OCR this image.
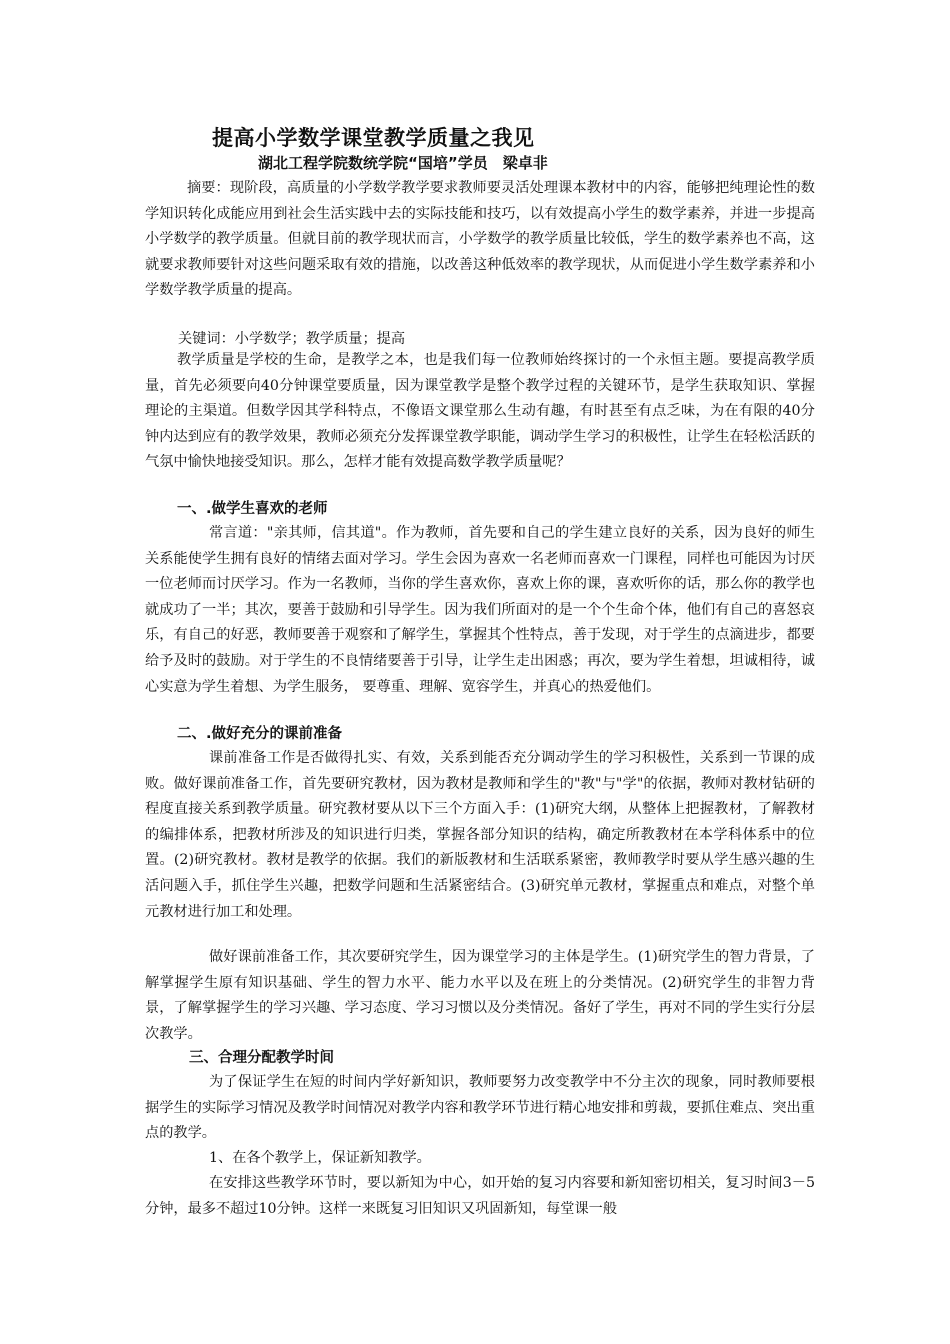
提高小学数学课堂教学质量之我见
湖北工程学院数统学院“国培”学员　梁卓非

摘要：现阶段，高质量的小学数学教学要求教师要灵活处理课本教材中的内容，能够把纯理论性的数学知识转化成能应用到社会生活实践中去的实际技能和技巧，以有效提高小学生的数学素养，并进一步提高小学数学的教学质量。但就目前的教学现状而言，小学数学的教学质量比较低，学生的数学素养也不高，这就要求教师要针对这些问题采取有效的措施，以改善这种低效率的教学现状，从而促进小学生数学素养和小学数学教学质量的提高。

关键词：小学数学；教学质量；提高

教学质量是学校的生命，是教学之本，也是我们每一位教师始终探讨的一个永恒主题。要提高教学质量，首先必须要向40分钟课堂要质量，因为课堂教学是整个教学过程的关键环节，是学生获取知识、掌握理论的主渠道。但数学因其学科特点，不像语文课堂那么生动有趣，有时甚至有点乏味，为在有限的40分钟内达到应有的教学效果，教师必须充分发挥课堂教学职能，调动学生学习的积极性，让学生在轻松活跃的气氛中愉快地接受知识。那么，怎样才能有效提高数学教学质量呢？

一、.做学生喜欢的老师

常言道："亲其师，信其道"。作为教师，首先要和自己的学生建立良好的关系，因为良好的师生关系能使学生拥有良好的情绪去面对学习。学生会因为喜欢一名老师而喜欢一门课程，同样也可能因为讨厌一位老师而讨厌学习。作为一名教师，当你的学生喜欢你，喜欢上你的课，喜欢听你的话，那么你的教学也就成功了一半；其次，要善于鼓励和引导学生。因为我们所面对的是一个个生命个体，他们有自己的喜怒哀乐，有自己的好恶，教师要善于观察和了解学生，掌握其个性特点，善于发现，对于学生的点滴进步，都要给予及时的鼓励。对于学生的不良情绪要善于引导，让学生走出困惑；再次，要为学生着想，坦诚相待，诚心实意为学生着想、为学生服务， 要尊重、理解、宽容学生，并真心的热爱他们。

二、.做好充分的课前准备

课前准备工作是否做得扎实、有效，关系到能否充分调动学生的学习积极性，关系到一节课的成败。做好课前准备工作，首先要研究教材，因为教材是教师和学生的"教"与"学"的依据，教师对教材钻研的程度直接关系到教学质量。研究教材要从以下三个方面入手：(1)研究大纲，从整体上把握教材，了解教材的编排体系，把教材所涉及的知识进行归类，掌握各部分知识的结构，确定所教教材在本学科体系中的位置。(2)研究教材。教材是教学的依据。我们的新版教材和生活联系紧密，教师教学时要从学生感兴趣的生活问题入手，抓住学生兴趣，把数学问题和生活紧密结合。(3)研究单元教材，掌握重点和难点，对整个单元教材进行加工和处理。

做好课前准备工作，其次要研究学生，因为课堂学习的主体是学生。(1)研究学生的智力背景，了解掌握学生原有知识基础、学生的智力水平、能力水平以及在班上的分类情况。(2)研究学生的非智力背景，了解掌握学生的学习兴趣、学习态度、学习习惯以及分类情况。备好了学生，再对不同的学生实行分层次教学。

三、合理分配教学时间

为了保证学生在短的时间内学好新知识，教师要努力改变教学中不分主次的现象，同时教师要根据学生的实际学习情况及教学时间情况对教学内容和教学环节进行精心地安排和剪裁，要抓住难点、突出重点的教学。

1、在各个教学上，保证新知教学。

在安排这些教学环节时，要以新知为中心，如开始的复习内容要和新知密切相关，复习时间3－5分钟，最多不超过10分钟。这样一来既复习旧知识又巩固新知，每堂课一般
